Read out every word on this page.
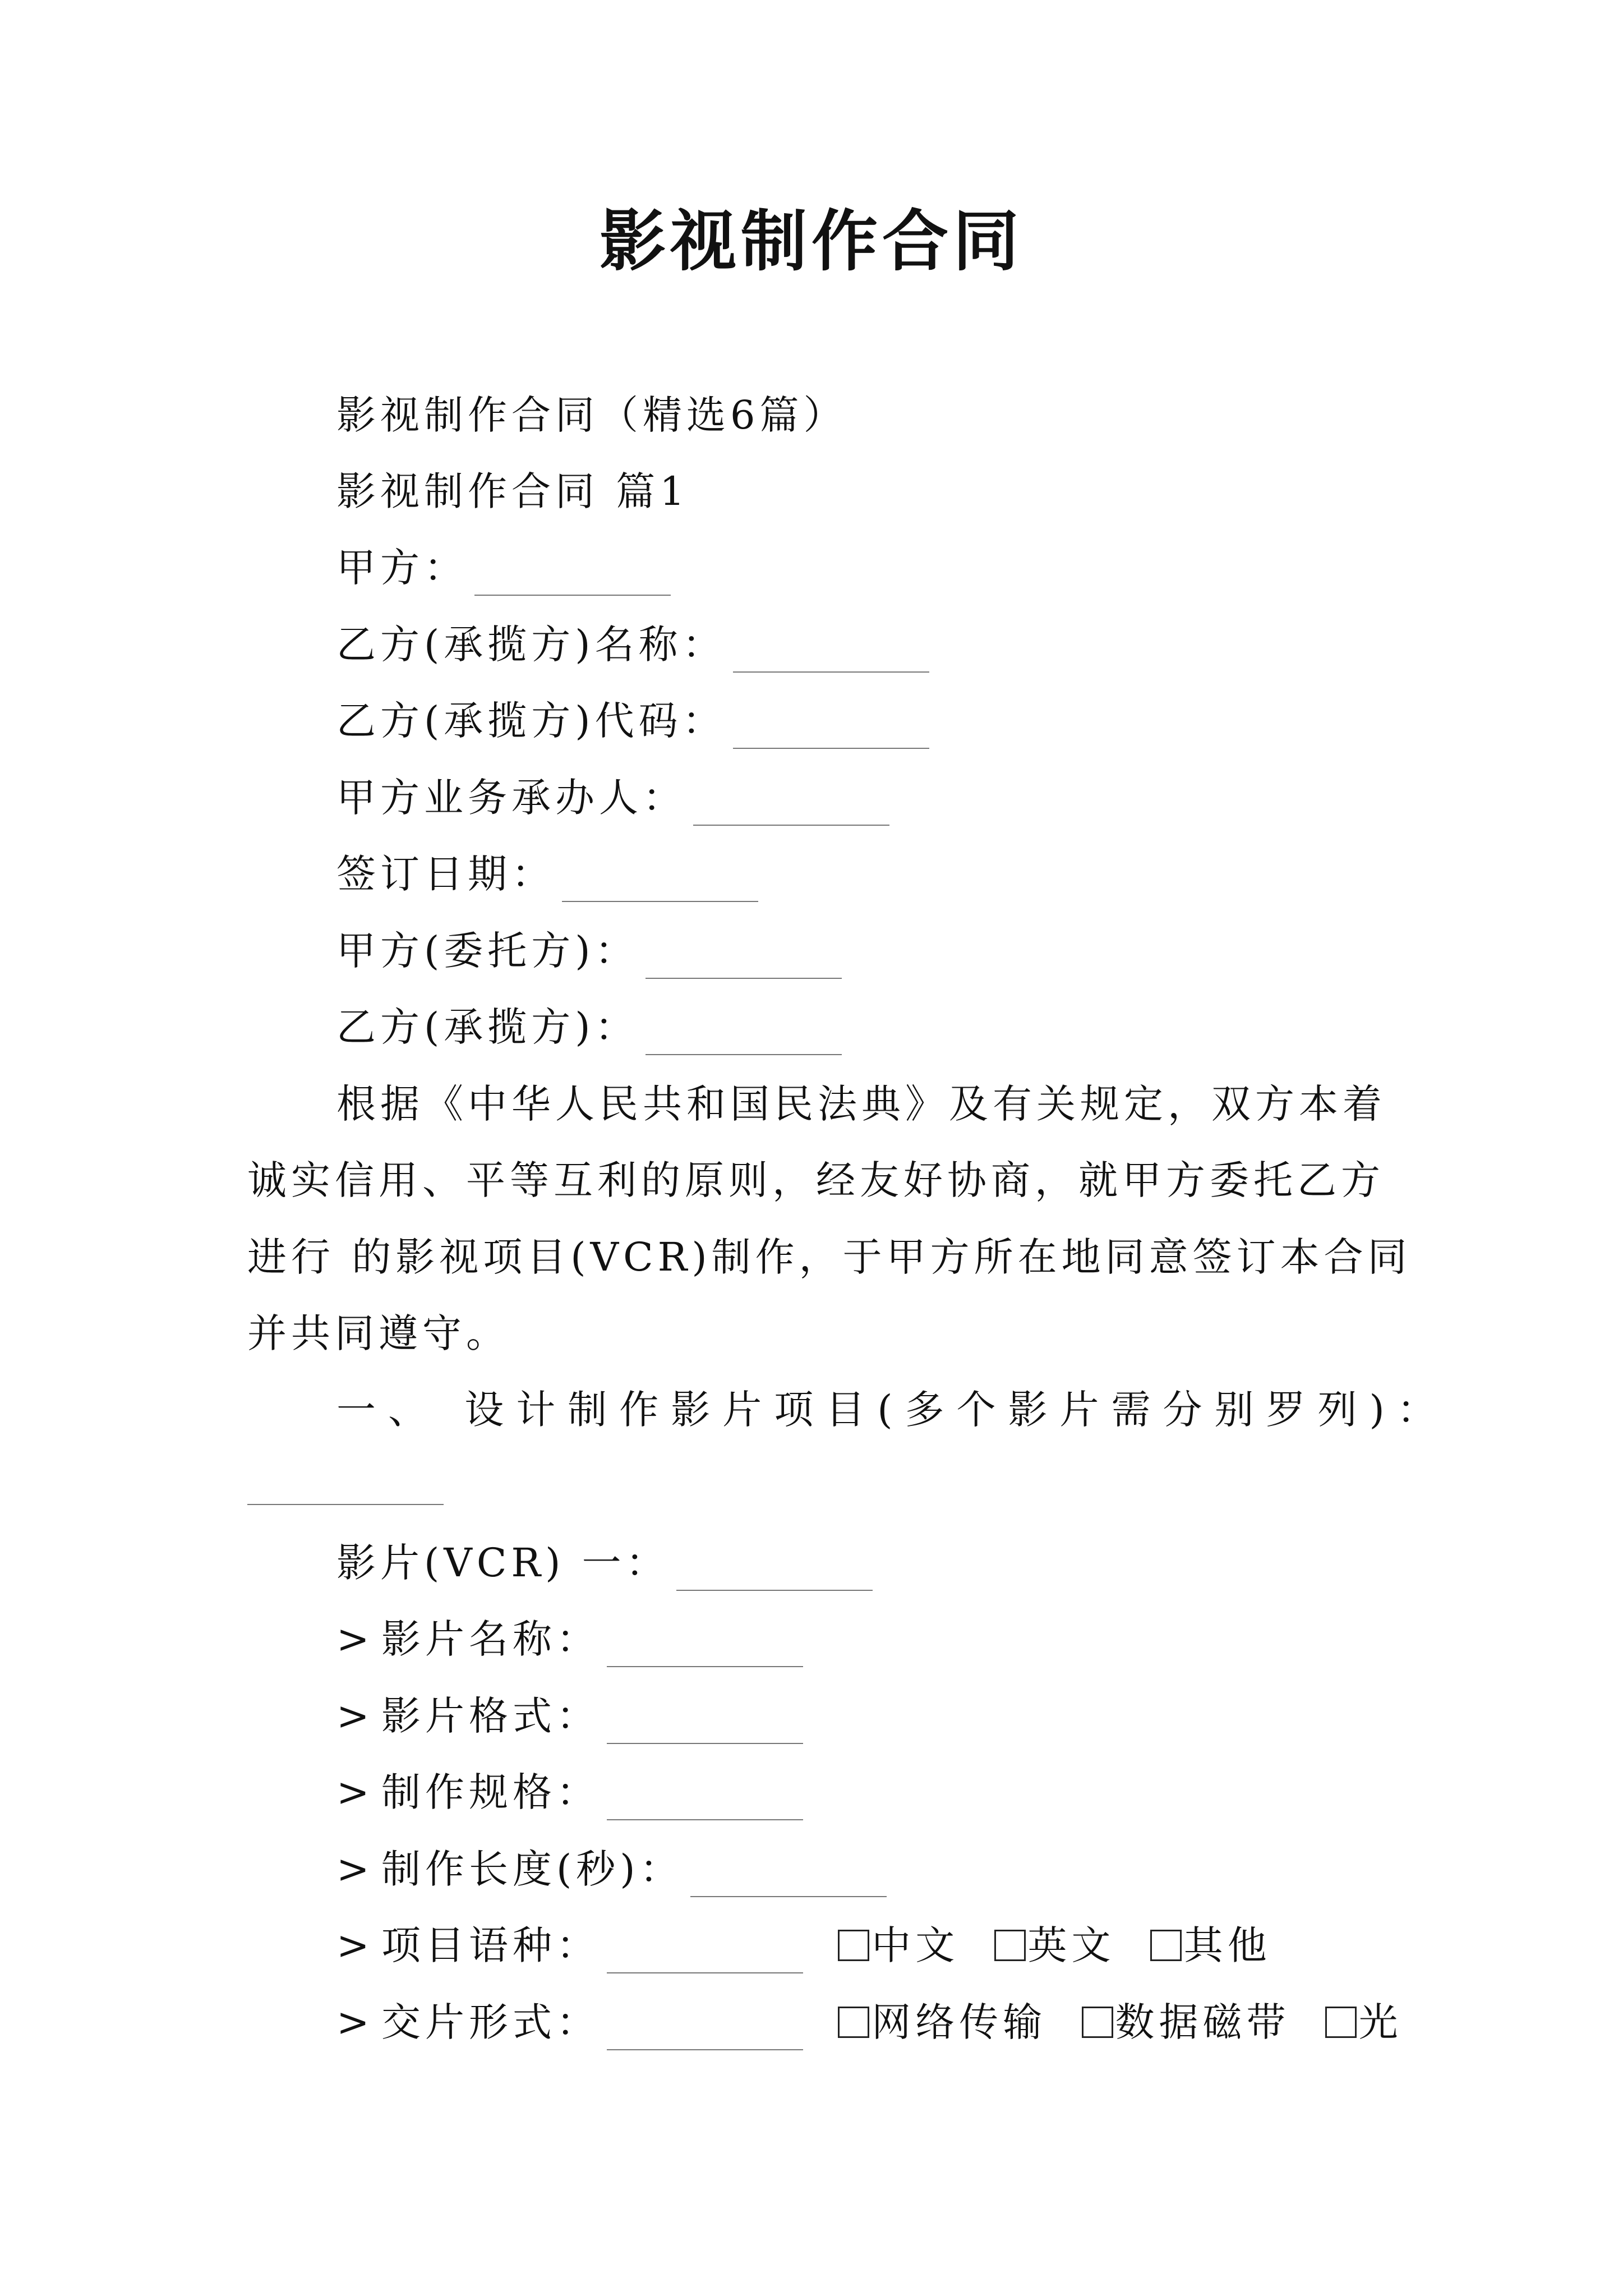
影视制作合同
影视制作合同（精选6篇）
影视制作合同 篇1
甲方：
乙方(承揽方)名称：
乙方(承揽方)代码：
甲方业务承办人：
签订日期：
甲方(委托方)：
乙方(承揽方)：
根据《中华人民共和国民法典》及有关规定，双方本着
诚实信用、平等互利的原则，经友好协商，就甲方委托乙方
进行 的影视项目(VCR)制作，于甲方所在地同意签订本合同
并共同遵守。
一、 设计制作影片项目(多个影片需分别罗列)：
影片(VCR) 一：
> 影片名称：
> 影片格式：
> 制作规格：
> 制作长度(秒)：
> 项目语种：	中文 英文 其他
> 交片形式：	网络传输 数据磁带 光
